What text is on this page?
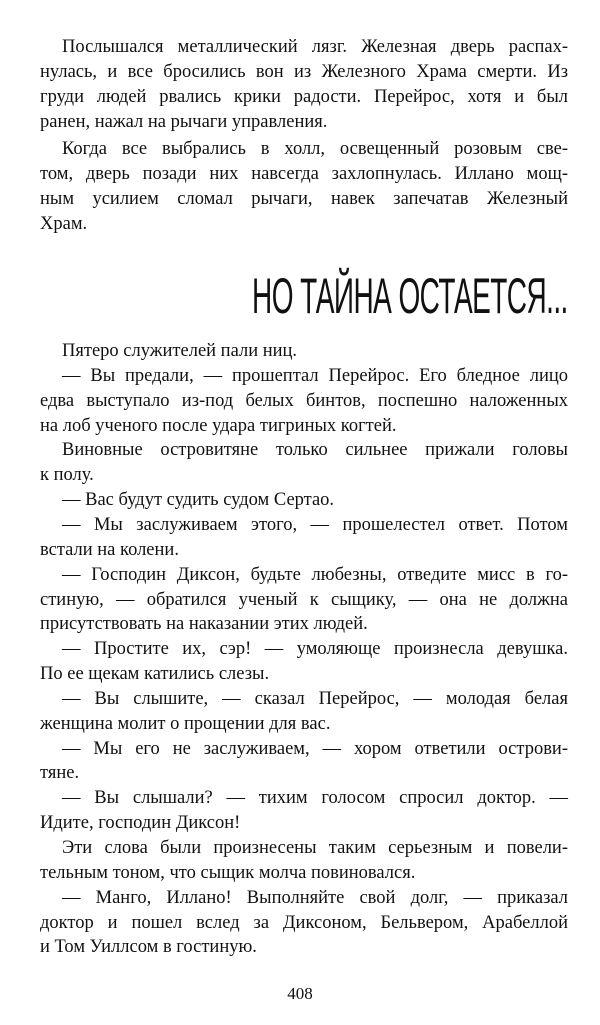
Послышался металлический лязг. Железная дверь распах-
нулась, и все бросились вон из Железного Храма смерти. Из
груди людей рвались крики радости. Перейрос, хотя и был
ранен, нажал на рычаги управления.
Когда все выбрались в холл, освещенный розовым све-
том, дверь позади них навсегда захлопнулась. Иллано мощ-
ным усилием сломал рычаги, навек запечатав Железный
Храм.
НО ТАЙНА ОСТАЕТСЯ...
Пятеро служителей пали ниц.
— Вы предали, — прошептал Перейрос. Его бледное лицо
едва выступало из-под белых бинтов, поспешно наложенных
на лоб ученого после удара тигриных когтей.
Виновные островитяне только сильнее прижали головы
к полу.
— Вас будут судить судом Сертао.
— Мы заслуживаем этого, — прошелестел ответ. Потом
встали на колени.
— Господин Диксон, будьте любезны, отведите мисс в го-
стиную, — обратился ученый к сыщику, — она не должна
присутствовать на наказании этих людей.
— Простите их, сэр! — умоляюще произнесла девушка.
По ее щекам катились слезы.
— Вы слышите, — сказал Перейрос, — молодая белая
женщина молит о прощении для вас.
— Мы его не заслуживаем, — хором ответили острови-
тяне.
— Вы слышали? — тихим голосом спросил доктор. —
Идите, господин Диксон!
Эти слова были произнесены таким серьезным и повели-
тельным тоном, что сыщик молча повиновался.
— Манго, Иллано! Выполняйте свой долг, — приказал
доктор и пошел вслед за Диксоном, Бельвером, Арабеллой
и Том Уиллсом в гостиную.
408
